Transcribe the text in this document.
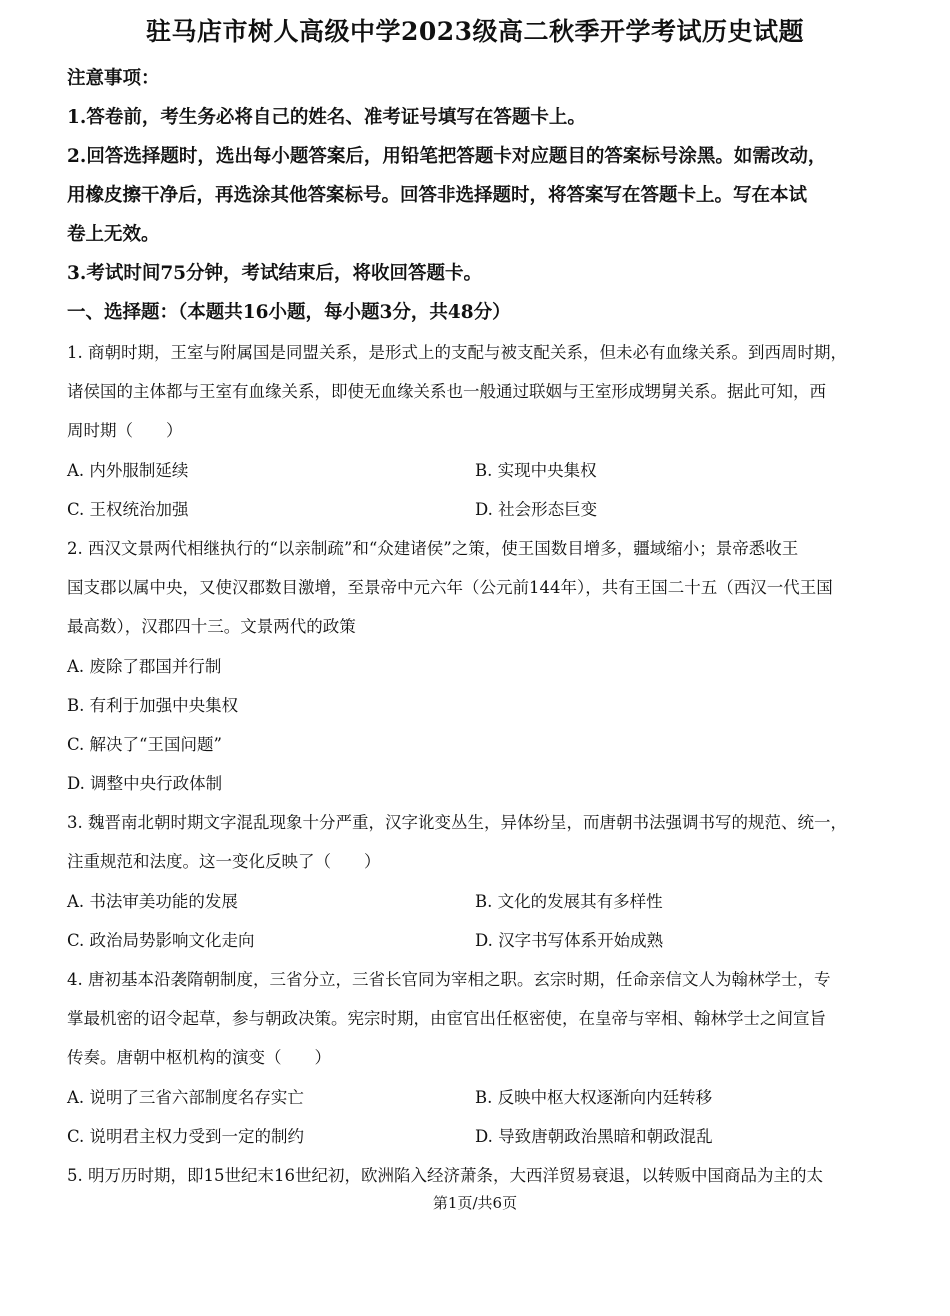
驻马店市树人高级中学2023级高二秋季开学考试历史试题
注意事项：
1.答卷前，考生务必将自己的姓名、准考证号填写在答题卡上。
2.回答选择题时，选出每小题答案后，用铅笔把答题卡对应题目的答案标号涂黑。如需改动，
用橡皮擦干净后，再选涂其他答案标号。回答非选择题时，将答案写在答题卡上。写在本试
卷上无效。
3.考试时间75分钟，考试结束后，将收回答题卡。
一、选择题：（本题共16小题，每小题3分，共48分）
1. 商朝时期，王室与附属国是同盟关系，是形式上的支配与被支配关系，但未必有血缘关系。到西周时期，
诸侯国的主体都与王室有血缘关系，即使无血缘关系也一般通过联姻与王室形成甥舅关系。据此可知，西
周时期（　　）
A. 内外服制延续	B. 实现中央集权
C. 王权统治加强	D. 社会形态巨变
2. 西汉文景两代相继执行的“以亲制疏”和“众建诸侯”之策，使王国数目增多，疆域缩小；景帝悉收王
国支郡以属中央，又使汉郡数目激增，至景帝中元六年（公元前144年），共有王国二十五（西汉一代王国
最高数），汉郡四十三。文景两代的政策
A. 废除了郡国并行制
B. 有利于加强中央集权
C. 解决了“王国问题”
D. 调整中央行政体制
3. 魏晋南北朝时期文字混乱现象十分严重，汉字讹变丛生，异体纷呈，而唐朝书法强调书写的规范、统一，
注重规范和法度。这一变化反映了（　　）
A. 书法审美功能的发展	B. 文化的发展其有多样性
C. 政治局势影响文化走向	D. 汉字书写体系开始成熟
4. 唐初基本沿袭隋朝制度，三省分立，三省长官同为宰相之职。玄宗时期，任命亲信文人为翰林学士，专
掌最机密的诏令起草，参与朝政决策。宪宗时期，由宦官出任枢密使，在皇帝与宰相、翰林学士之间宣旨
传奏。唐朝中枢机构的演变（　　）
A. 说明了三省六部制度名存实亡	B. 反映中枢大权逐渐向内廷转移
C. 说明君主权力受到一定的制约	D. 导致唐朝政治黑暗和朝政混乱
5. 明万历时期，即15世纪末16世纪初，欧洲陷入经济萧条，大西洋贸易衰退，以转贩中国商品为主的太
第1页/共6页
